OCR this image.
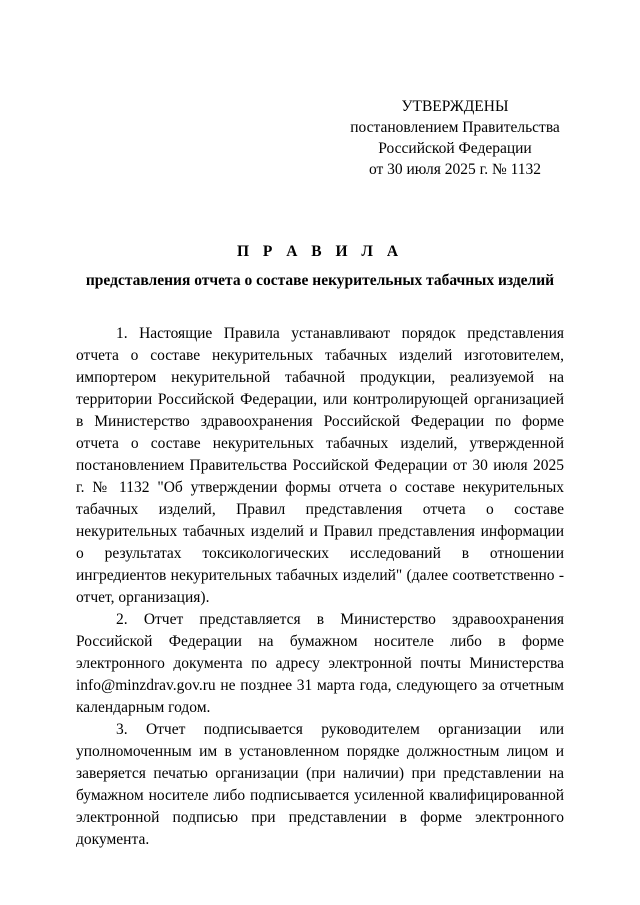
УТВЕРЖДЕНЫ
постановлением Правительства
Российской Федерации
от 30 июля 2025 г. № 1132
П Р А В И Л А
представления отчета о составе некурительных табачных изделий

1. Настоящие Правила устанавливают порядок представления отчета о составе некурительных табачных изделий изготовителем, импортером некурительной табачной продукции, реализуемой на территории Российской Федерации, или контролирующей организацией в Министерство здравоохранения Российской Федерации по форме отчета о составе некурительных табачных изделий, утвержденной постановлением Правительства Российской Федерации от 30 июля 2025 г. № 1132 "Об утверждении формы отчета о составе некурительных табачных изделий, Правил представления отчета о составе некурительных табачных изделий и Правил представления информации о результатах токсикологических исследований в отношении ингредиентов некурительных табачных изделий" (далее соответственно - отчет, организация).

2. Отчет представляется в Министерство здравоохранения Российской Федерации на бумажном носителе либо в форме электронного документа по адресу электронной почты Министерства info@minzdrav.gov.ru не позднее 31 марта года, следующего за отчетным календарным годом.

3. Отчет подписывается руководителем организации или уполномоченным им в установленном порядке должностным лицом и заверяется печатью организации (при наличии) при представлении на бумажном носителе либо подписывается усиленной квалифицированной электронной подписью при представлении в форме электронного документа.
